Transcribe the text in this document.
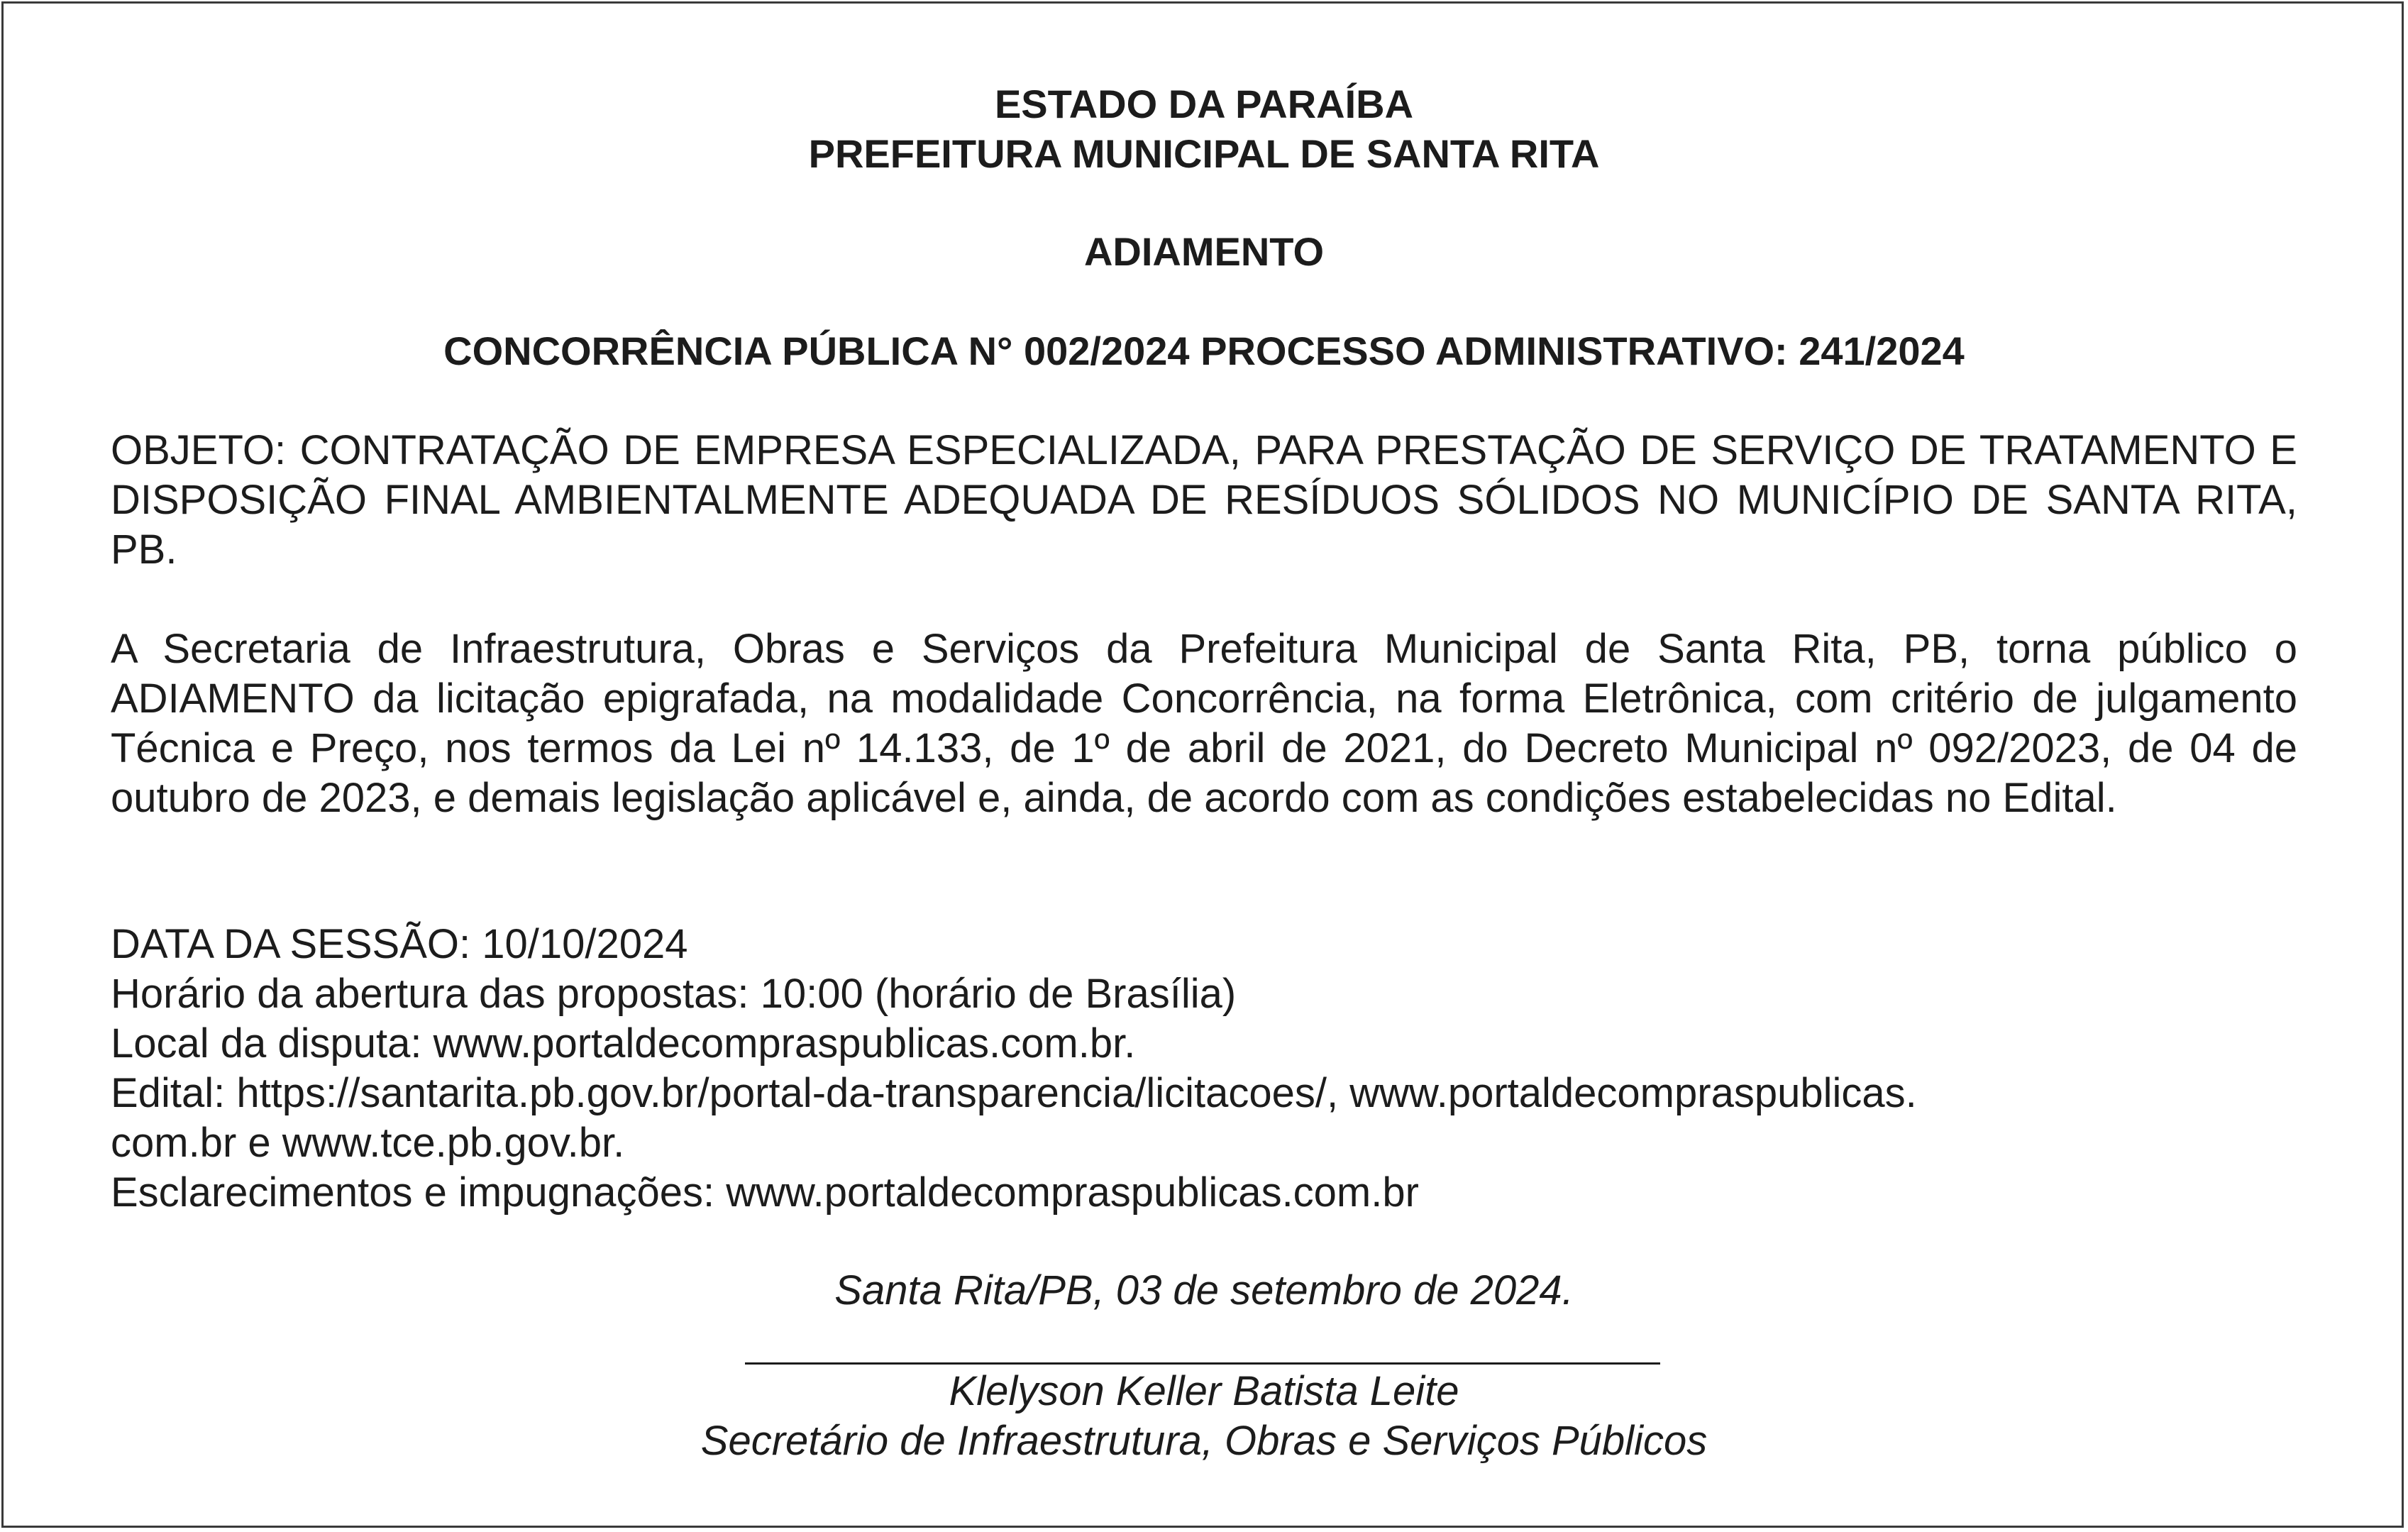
ESTADO DA PARAÍBA
PREFEITURA MUNICIPAL DE SANTA RITA
ADIAMENTO
CONCORRÊNCIA PÚBLICA N° 002/2024 PROCESSO ADMINISTRATIVO: 241/2024
OBJETO: CONTRATAÇÃO DE EMPRESA ESPECIALIZADA, PARA PRESTAÇÃO DE SERVIÇO DE TRATAMENTO E DISPOSIÇÃO FINAL AMBIENTALMENTE ADEQUADA DE RESÍDUOS SÓLIDOS NO MUNICÍPIO DE SANTA RITA, PB.
A Secretaria de Infraestrutura, Obras e Serviços da Prefeitura Municipal de Santa Rita, PB, torna público o ADIAMENTO da licitação epigrafada, na modalidade Concorrência, na forma Eletrônica, com critério de julgamento Técnica e Preço, nos termos da Lei nº 14.133, de 1º de abril de 2021, do Decreto Municipal nº 092/2023, de 04 de outubro de 2023, e demais legislação aplicável e, ainda, de acordo com as condições estabelecidas no Edital.
DATA DA SESSÃO: 10/10/2024
Horário da abertura das propostas: 10:00 (horário de Brasília)
Local da disputa: www.portaldecompraspublicas.com.br.
Edital: https://santarita.pb.gov.br/portal-da-transparencia/licitacoes/, www.portaldecompraspublicas.
com.br e www.tce.pb.gov.br.
Esclarecimentos e impugnações: www.portaldecompraspublicas.com.br
Santa Rita/PB, 03 de setembro de 2024.
Klelyson Keller Batista Leite
Secretário de Infraestrutura, Obras e Serviços Públicos
